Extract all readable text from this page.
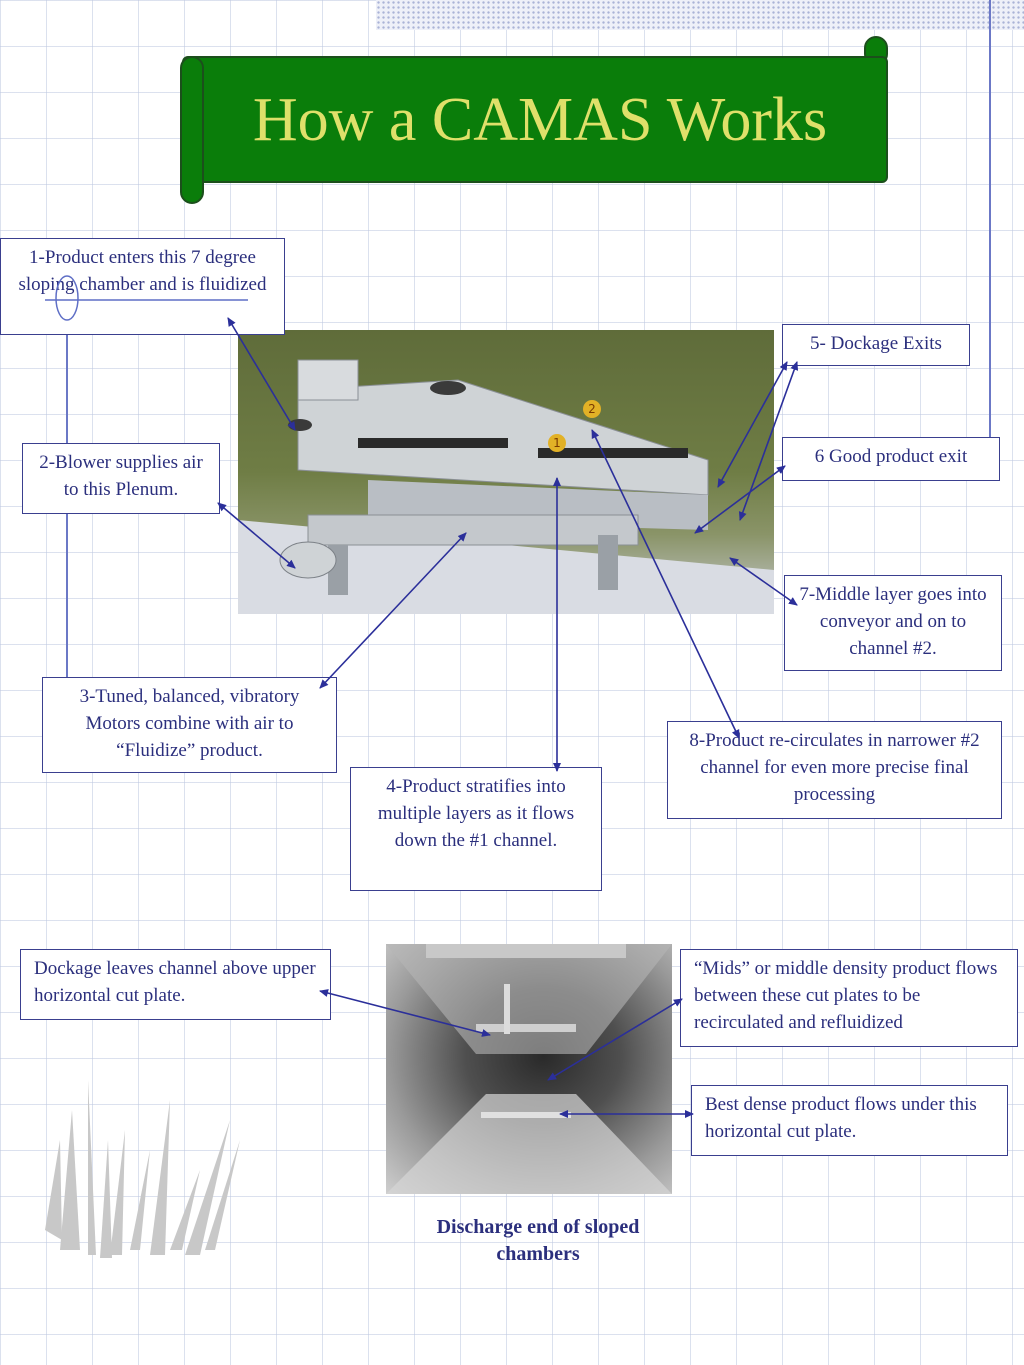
How a CAMAS Works
2
1
1-Product enters this 7 degree sloping chamber and is fluidized
2-Blower supplies air to this Plenum.
3-Tuned, balanced, vibratory Motors combine with air to “Fluidize” product.
4-Product stratifies into multiple layers as it flows down the #1 channel.
5- Dockage Exits
6 Good product exit
7-Middle layer goes into conveyor and on to channel #2.
8-Product re-circulates in narrower #2 channel for even more precise final processing
Dockage leaves channel above upper horizontal cut plate.
“Mids” or middle density product flows between these cut plates to be recirculated and refluidized
Best dense product flows under this horizontal cut plate.
Discharge end of sloped chambers
